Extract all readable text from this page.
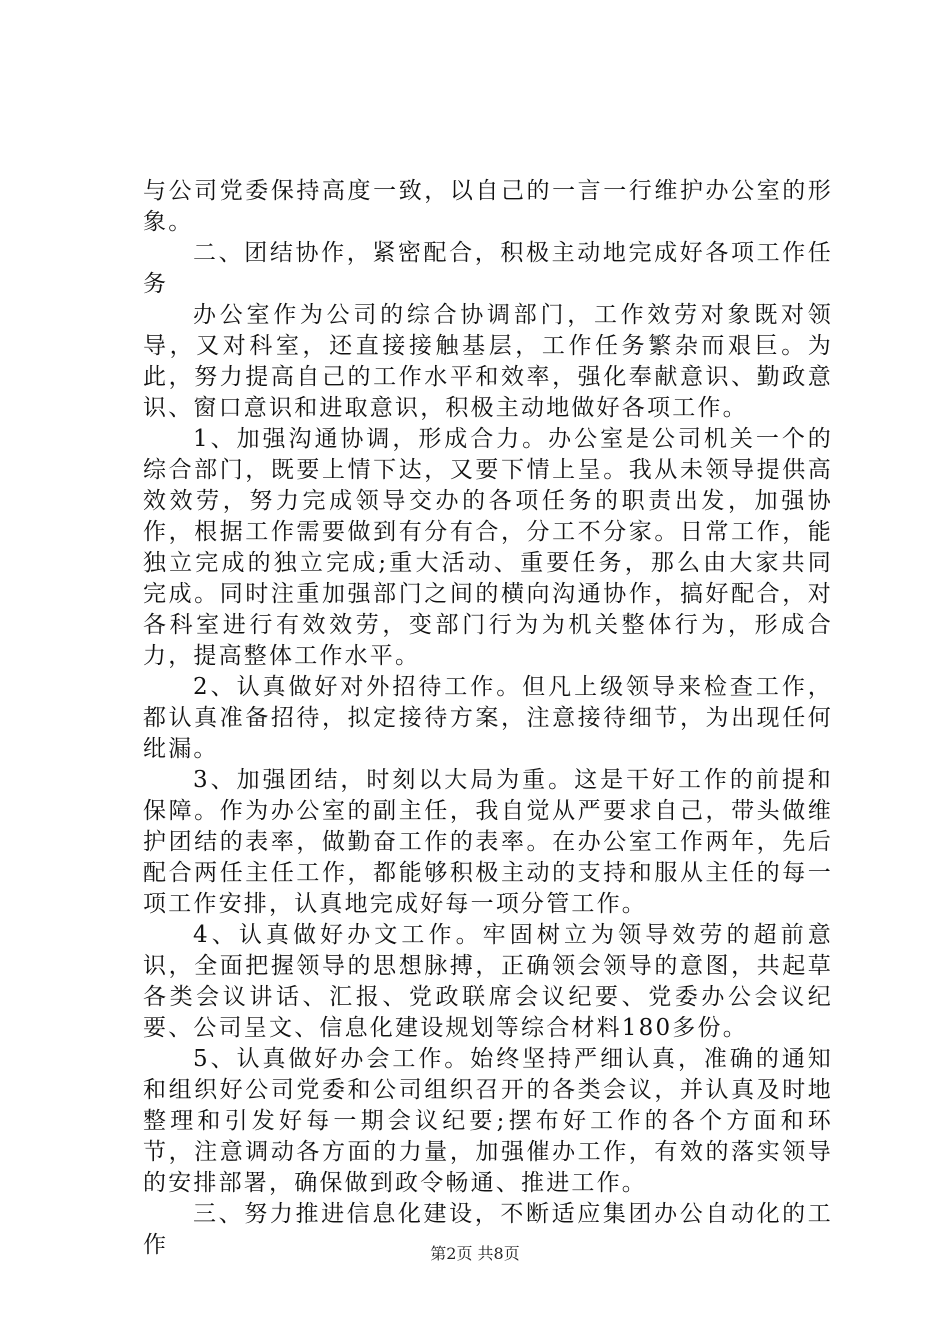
与公司党委保持高度一致，以自己的一言一行维护办公室的形象。

二、团结协作，紧密配合，积极主动地完成好各项工作任务

办公室作为公司的综合协调部门，工作效劳对象既对领导，又对科室，还直接接触基层，工作任务繁杂而艰巨。为此，努力提高自己的工作水平和效率，强化奉献意识、勤政意识、窗口意识和进取意识，积极主动地做好各项工作。

1、加强沟通协调，形成合力。办公室是公司机关一个的综合部门，既要上情下达，又要下情上呈。我从未领导提供高效效劳，努力完成领导交办的各项任务的职责出发，加强协作，根据工作需要做到有分有合，分工不分家。日常工作，能独立完成的独立完成;重大活动、重要任务，那么由大家共同完成。同时注重加强部门之间的横向沟通协作，搞好配合，对各科室进行有效效劳，变部门行为为机关整体行为，形成合力，提高整体工作水平。

2、认真做好对外招待工作。但凡上级领导来检查工作，都认真准备招待，拟定接待方案，注意接待细节，为出现任何纰漏。

3、加强团结，时刻以大局为重。这是干好工作的前提和保障。作为办公室的副主任，我自觉从严要求自己，带头做维护团结的表率，做勤奋工作的表率。在办公室工作两年，先后配合两任主任工作，都能够积极主动的支持和服从主任的每一项工作安排，认真地完成好每一项分管工作。

4、认真做好办文工作。牢固树立为领导效劳的超前意识，全面把握领导的思想脉搏，正确领会领导的意图，共起草各类会议讲话、汇报、党政联席会议纪要、党委办公会议纪要、公司呈文、信息化建设规划等综合材料180多份。

5、认真做好办会工作。始终坚持严细认真，准确的通知和组织好公司党委和公司组织召开的各类会议，并认真及时地整理和引发好每一期会议纪要;摆布好工作的各个方面和环节，注意调动各方面的力量，加强催办工作，有效的落实领导的安排部署，确保做到政令畅通、推进工作。

三、努力推进信息化建设，不断适应集团办公自动化的工作	第2页 共8页
